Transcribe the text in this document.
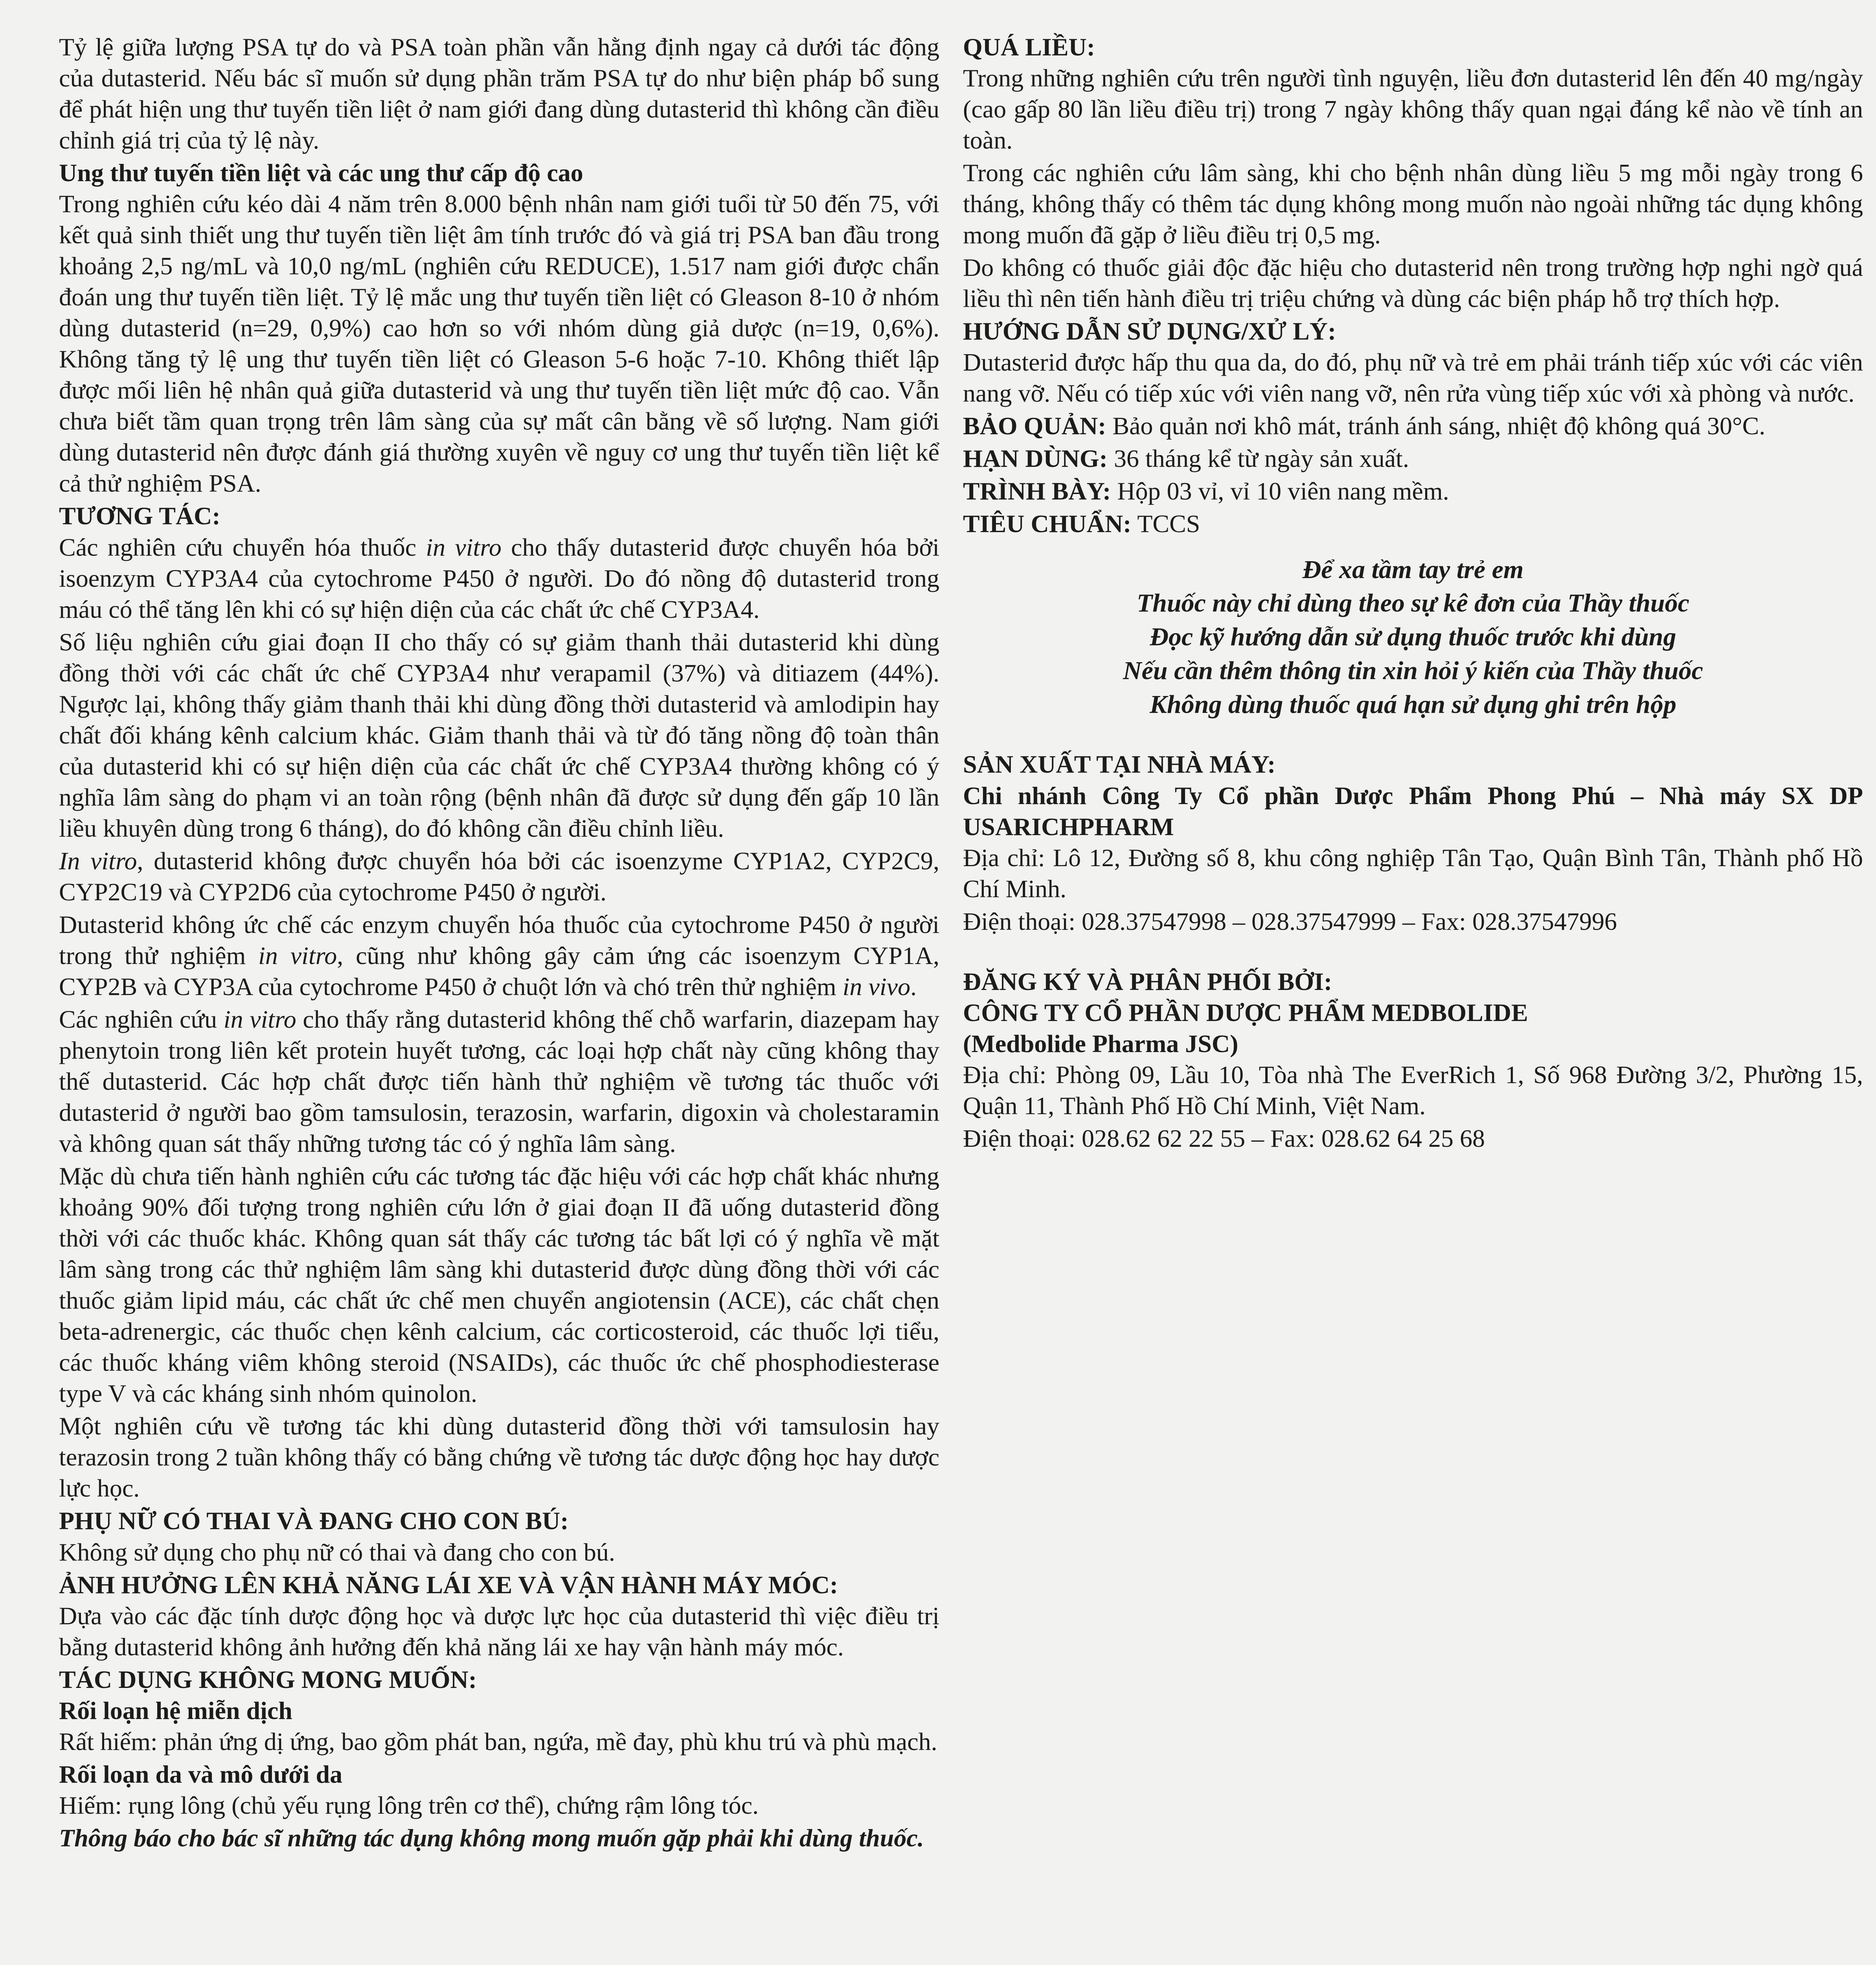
Tỷ lệ giữa lượng PSA tự do và PSA toàn phần vẫn hằng định ngay cả dưới tác động của dutasterid. Nếu bác sĩ muốn sử dụng phần trăm PSA tự do như biện pháp bổ sung để phát hiện ung thư tuyến tiền liệt ở nam giới đang dùng dutasterid thì không cần điều chỉnh giá trị của tỷ lệ này.

Ung thư tuyến tiền liệt và các ung thư cấp độ cao

Trong nghiên cứu kéo dài 4 năm trên 8.000 bệnh nhân nam giới tuổi từ 50 đến 75, với kết quả sinh thiết ung thư tuyến tiền liệt âm tính trước đó và giá trị PSA ban đầu trong khoảng 2,5 ng/mL và 10,0 ng/mL (nghiên cứu REDUCE), 1.517 nam giới được chẩn đoán ung thư tuyến tiền liệt. Tỷ lệ mắc ung thư tuyến tiền liệt có Gleason 8-10 ở nhóm dùng dutasterid (n=29, 0,9%) cao hơn so với nhóm dùng giả dược (n=19, 0,6%). Không tăng tỷ lệ ung thư tuyến tiền liệt có Gleason 5-6 hoặc 7-10. Không thiết lập được mối liên hệ nhân quả giữa dutasterid và ung thư tuyến tiền liệt mức độ cao. Vẫn chưa biết tầm quan trọng trên lâm sàng của sự mất cân bằng về số lượng. Nam giới dùng dutasterid nên được đánh giá thường xuyên về nguy cơ ung thư tuyến tiền liệt kể cả thử nghiệm PSA.

TƯƠNG TÁC:

Các nghiên cứu chuyển hóa thuốc in vitro cho thấy dutasterid được chuyển hóa bởi isoenzym CYP3A4 của cytochrome P450 ở người. Do đó nồng độ dutasterid trong máu có thể tăng lên khi có sự hiện diện của các chất ức chế CYP3A4.

Số liệu nghiên cứu giai đoạn II cho thấy có sự giảm thanh thải dutasterid khi dùng đồng thời với các chất ức chế CYP3A4 như verapamil (37%) và ditiazem (44%). Ngược lại, không thấy giảm thanh thải khi dùng đồng thời dutasterid và amlodipin hay chất đối kháng kênh calcium khác. Giảm thanh thải và từ đó tăng nồng độ toàn thân của dutasterid khi có sự hiện diện của các chất ức chế CYP3A4 thường không có ý nghĩa lâm sàng do phạm vi an toàn rộng (bệnh nhân đã được sử dụng đến gấp 10 lần liều khuyên dùng trong 6 tháng), do đó không cần điều chỉnh liều.

In vitro, dutasterid không được chuyển hóa bởi các isoenzyme CYP1A2, CYP2C9, CYP2C19 và CYP2D6 của cytochrome P450 ở người.

Dutasterid không ức chế các enzym chuyển hóa thuốc của cytochrome P450 ở người trong thử nghiệm in vitro, cũng như không gây cảm ứng các isoenzym CYP1A, CYP2B và CYP3A của cytochrome P450 ở chuột lớn và chó trên thử nghiệm in vivo.

Các nghiên cứu in vitro cho thấy rằng dutasterid không thế chỗ warfarin, diazepam hay phenytoin trong liên kết protein huyết tương, các loại hợp chất này cũng không thay thế dutasterid. Các hợp chất được tiến hành thử nghiệm về tương tác thuốc với dutasterid ở người bao gồm tamsulosin, terazosin, warfarin, digoxin và cholestaramin và không quan sát thấy những tương tác có ý nghĩa lâm sàng.

Mặc dù chưa tiến hành nghiên cứu các tương tác đặc hiệu với các hợp chất khác nhưng khoảng 90% đối tượng trong nghiên cứu lớn ở giai đoạn II đã uống dutasterid đồng thời với các thuốc khác. Không quan sát thấy các tương tác bất lợi có ý nghĩa về mặt lâm sàng trong các thử nghiệm lâm sàng khi dutasterid được dùng đồng thời với các thuốc giảm lipid máu, các chất ức chế men chuyển angiotensin (ACE), các chất chẹn beta-adrenergic, các thuốc chẹn kênh calcium, các corticosteroid, các thuốc lợi tiểu, các thuốc kháng viêm không steroid (NSAIDs), các thuốc ức chế phosphodiesterase type V và các kháng sinh nhóm quinolon.

Một nghiên cứu về tương tác khi dùng dutasterid đồng thời với tamsulosin hay terazosin trong 2 tuần không thấy có bằng chứng về tương tác dược động học hay dược lực học.

PHỤ NỮ CÓ THAI VÀ ĐANG CHO CON BÚ:

Không sử dụng cho phụ nữ có thai và đang cho con bú.

ẢNH HƯỞNG LÊN KHẢ NĂNG LÁI XE VÀ VẬN HÀNH MÁY MÓC:

Dựa vào các đặc tính dược động học và dược lực học của dutasterid thì việc điều trị bằng dutasterid không ảnh hưởng đến khả năng lái xe hay vận hành máy móc.

TÁC DỤNG KHÔNG MONG MUỐN:

Rối loạn hệ miễn dịch

Rất hiếm: phản ứng dị ứng, bao gồm phát ban, ngứa, mề đay, phù khu trú và phù mạch.

Rối loạn da và mô dưới da

Hiếm: rụng lông (chủ yếu rụng lông trên cơ thể), chứng rậm lông tóc.

Thông báo cho bác sĩ những tác dụng không mong muốn gặp phải khi dùng thuốc.

QUÁ LIỀU:

Trong những nghiên cứu trên người tình nguyện, liều đơn dutasterid lên đến 40 mg/ngày (cao gấp 80 lần liều điều trị) trong 7 ngày không thấy quan ngại đáng kể nào về tính an toàn.

Trong các nghiên cứu lâm sàng, khi cho bệnh nhân dùng liều 5 mg mỗi ngày trong 6 tháng, không thấy có thêm tác dụng không mong muốn nào ngoài những tác dụng không mong muốn đã gặp ở liều điều trị 0,5 mg.

Do không có thuốc giải độc đặc hiệu cho dutasterid nên trong trường hợp nghi ngờ quá liều thì nên tiến hành điều trị triệu chứng và dùng các biện pháp hỗ trợ thích hợp.

HƯỚNG DẪN SỬ DỤNG/XỬ LÝ:

Dutasterid được hấp thu qua da, do đó, phụ nữ và trẻ em phải tránh tiếp xúc với các viên nang vỡ. Nếu có tiếp xúc với viên nang vỡ, nên rửa vùng tiếp xúc với xà phòng và nước.

BẢO QUẢN: Bảo quản nơi khô mát, tránh ánh sáng, nhiệt độ không quá 30°C.

HẠN DÙNG: 36 tháng kể từ ngày sản xuất.

TRÌNH BÀY: Hộp 03 vỉ, vỉ 10 viên nang mềm.

TIÊU CHUẨN: TCCS

Để xa tầm tay trẻ em

Thuốc này chỉ dùng theo sự kê đơn của Thầy thuốc

Đọc kỹ hướng dẫn sử dụng thuốc trước khi dùng

Nếu cần thêm thông tin xin hỏi ý kiến của Thầy thuốc

Không dùng thuốc quá hạn sử dụng ghi trên hộp

SẢN XUẤT TẠI NHÀ MÁY:

Chi nhánh Công Ty Cổ phần Dược Phẩm Phong Phú – Nhà máy SX DP USARICHPHARM

Địa chỉ: Lô 12, Đường số 8, khu công nghiệp Tân Tạo, Quận Bình Tân, Thành phố Hồ Chí Minh.

Điện thoại: 028.37547998 – 028.37547999 – Fax: 028.37547996

ĐĂNG KÝ VÀ PHÂN PHỐI BỞI:

CÔNG TY CỔ PHẦN DƯỢC PHẨM MEDBOLIDE

(Medbolide Pharma JSC)

Địa chỉ: Phòng 09, Lầu 10, Tòa nhà The EverRich 1, Số 968 Đường 3/2, Phường 15, Quận 11, Thành Phố Hồ Chí Minh, Việt Nam.

Điện thoại: 028.62 62 22 55 – Fax: 028.62 64 25 68
